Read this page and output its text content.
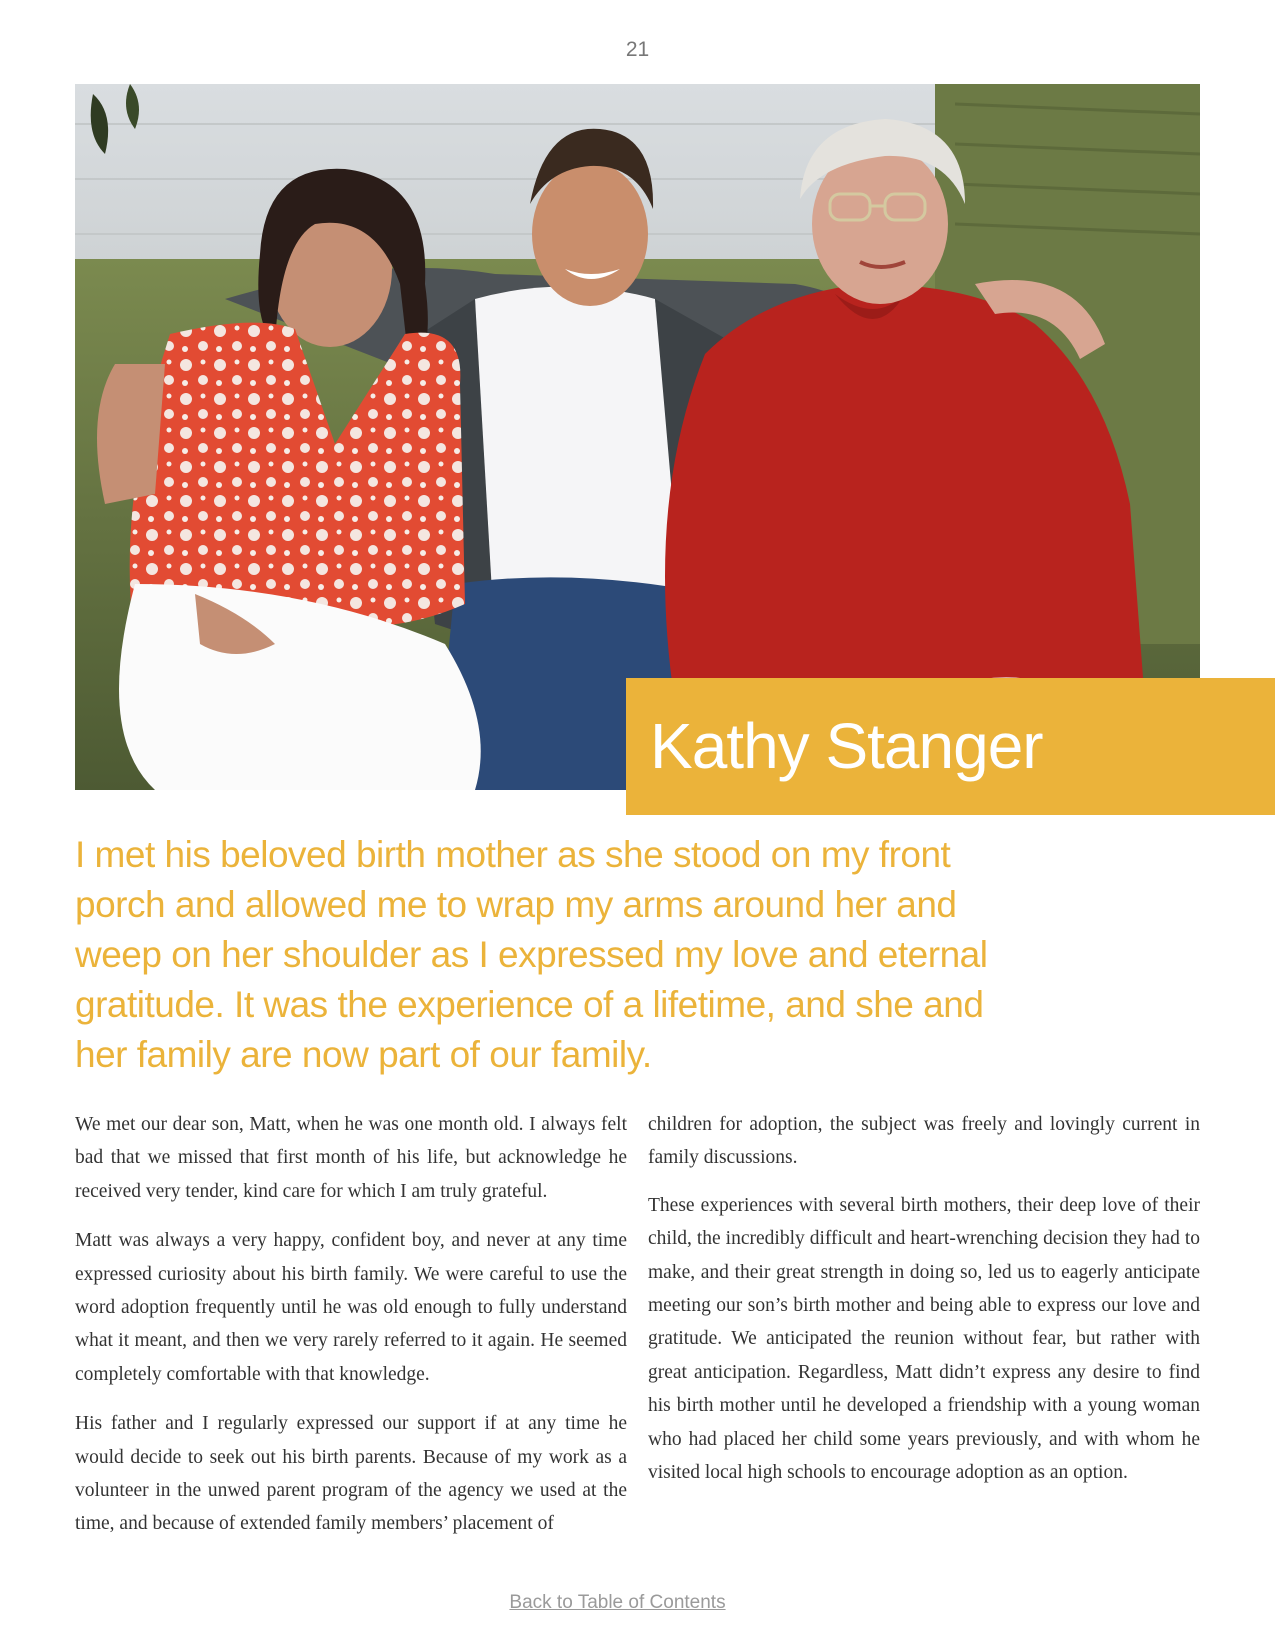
21
Kathy Stanger

I met his beloved birth mother as she stood on my front porch and allowed me to wrap my arms around her and weep on her shoulder as I expressed my love and eternal gratitude. It was the experience of a lifetime, and she and her family are now part of our family.

We met our dear son, Matt, when he was one month old. I always felt bad that we missed that first month of his life, but acknowledge he received very tender, kind care for which I am truly grateful.

Matt was always a very happy, confident boy, and never at any time expressed curiosity about his birth family. We were careful to use the word adoption frequently until he was old enough to fully understand what it meant, and then we very rarely referred to it again. He seemed completely comfortable with that knowledge.

His father and I regularly expressed our support if at any time he would decide to seek out his birth parents. Because of my work as a volunteer in the unwed parent program of the agency we used at the time, and because of extended family members’ placement of

children for adoption, the subject was freely and lovingly current in family discussions.

These experiences with several birth mothers, their deep love of their child, the incredibly difficult and heart-wrenching decision they had to make, and their great strength in doing so, led us to eagerly anticipate meeting our son’s birth mother and being able to express our love and gratitude. We anticipated the reunion without fear, but rather with great anticipation. Regardless, Matt didn’t express any desire to find his birth mother until he developed a friendship with a young woman who had placed her child some years previously, and with whom he visited local high schools to encourage adoption as an option.

Back to Table of Contents
